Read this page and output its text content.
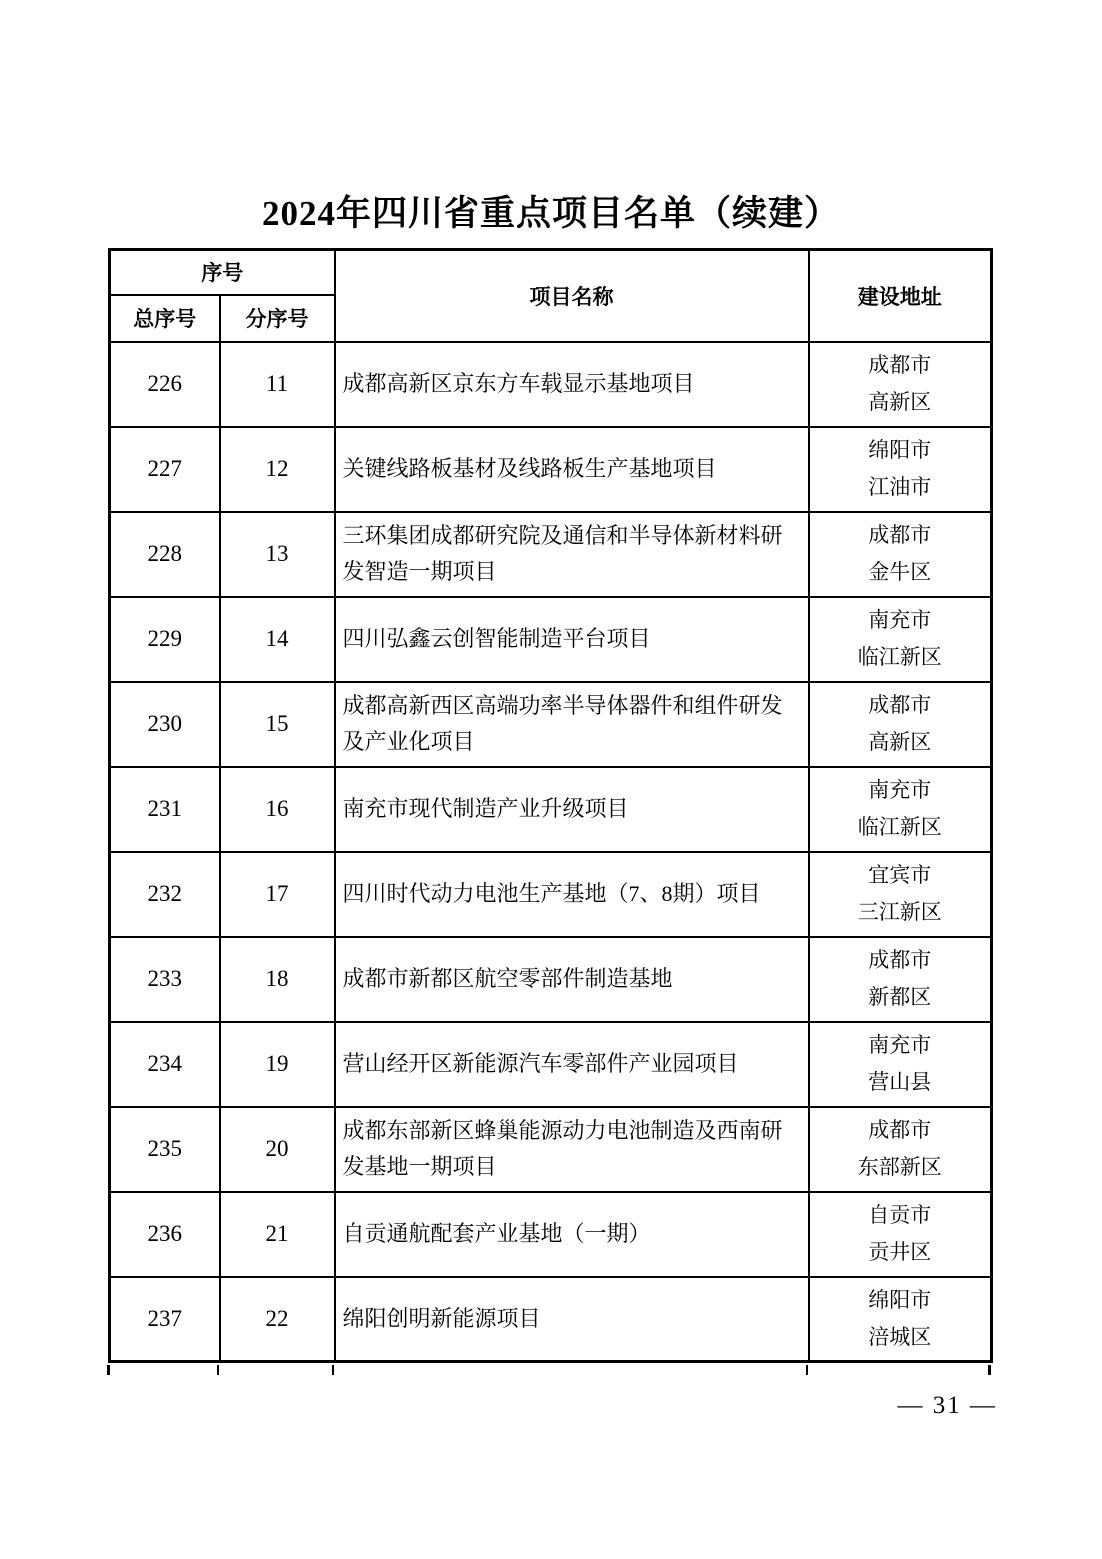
2024年四川省重点项目名单（续建）
序号		项目名称	建设地址
总序号	分序号		
226	11	成都高新区京东方车载显示基地项目	成都市
高新区

227	12	关键线路板基材及线路板生产基地项目	绵阳市
江油市

228	13	三环集团成都研究院及通信和半导体新材料研发智造一期项目	成都市
金牛区

229	14	四川弘鑫云创智能制造平台项目	南充市
临江新区

230	15	成都高新西区高端功率半导体器件和组件研发及产业化项目	成都市
高新区

231	16	南充市现代制造产业升级项目	南充市
临江新区

232	17	四川时代动力电池生产基地（7、8期）项目	宜宾市
三江新区

233	18	成都市新都区航空零部件制造基地	成都市
新都区

234	19	营山经开区新能源汽车零部件产业园项目	南充市
营山县

235	20	成都东部新区蜂巢能源动力电池制造及西南研发基地一期项目	成都市
东部新区

236	21	自贡通航配套产业基地（一期）	自贡市
贡井区

237	22	绵阳创明新能源项目	绵阳市
涪城区
— 31 —
